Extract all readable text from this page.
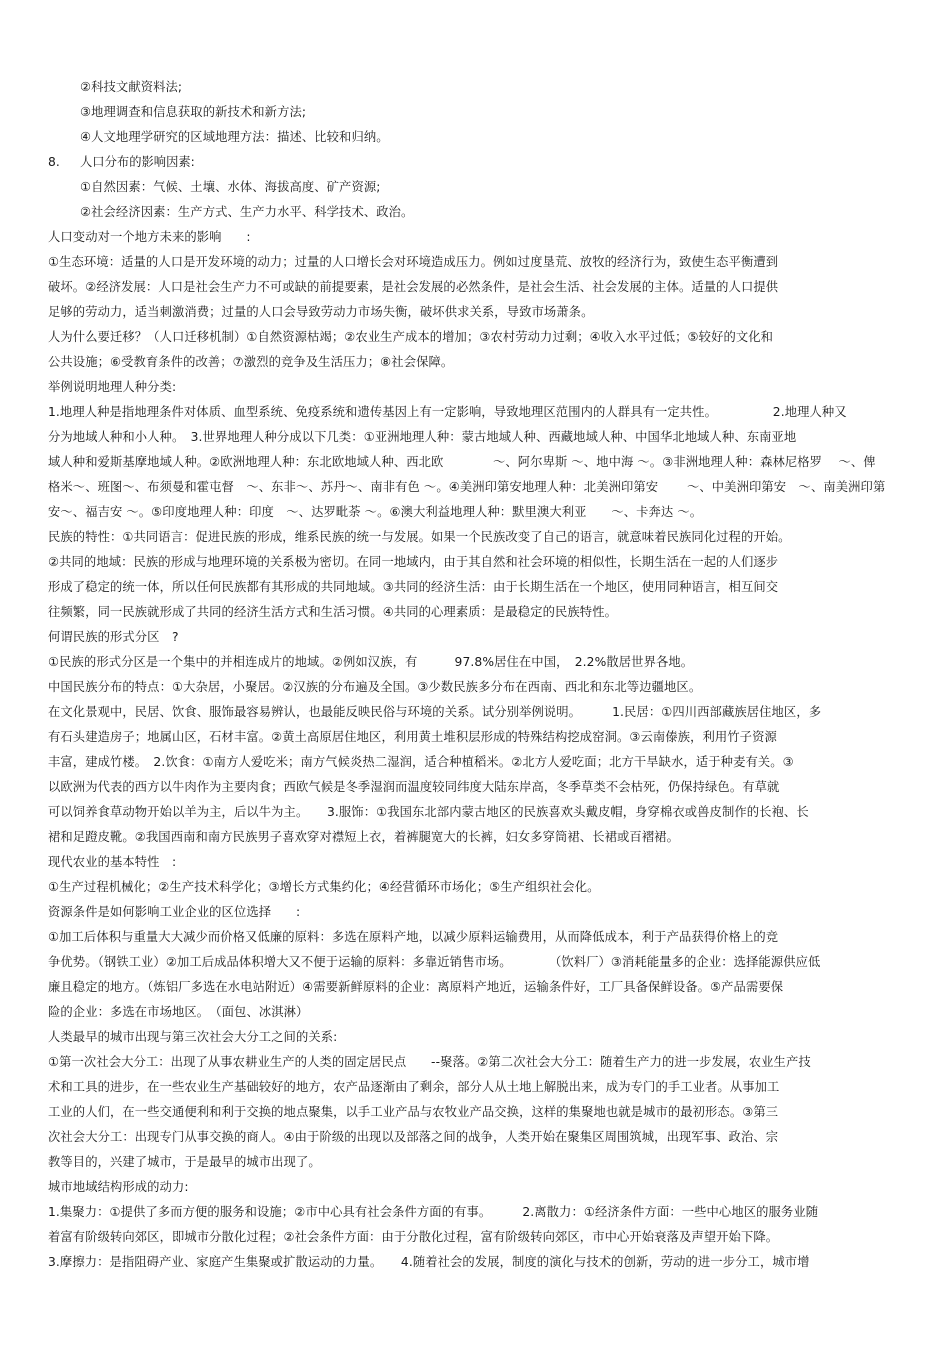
②科技文献资料法;
③地理调查和信息获取的新技术和新方法;
④人文地理学研究的区域地理方法：描述、比较和归纳。
8. 人口分布的影响因素:
①自然因素：气候、土壤、水体、海拔高度、矿产资源;
②社会经济因素：生产方式、生产力水平、科学技术、政治。
人口变动对一个地方未来的影响　　:
①生态环境：适量的人口是开发环境的动力；过量的人口增长会对环境造成压力。例如过度垦荒、放牧的经济行为，致使生态平衡遭到
破坏。②经济发展：人口是社会生产力不可或缺的前提要素，是社会发展的必然条件，是社会生活、社会发展的主体。适量的人口提供
足够的劳动力，适当刺激消费；过量的人口会导致劳动力市场失衡，破坏供求关系，导致市场萧条。
人为什么要迁移？（人口迁移机制）①自然资源枯竭；②农业生产成本的增加；③农村劳动力过剩；④收入水平过低；⑤较好的文化和
公共设施；⑥受教育条件的改善；⑦激烈的竞争及生活压力；⑧社会保障。
举例说明地理人种分类:
1.地理人种是指地理条件对体质、血型系统、免疫系统和遗传基因上有一定影响，导致地理区范围内的人群具有一定共性。　　　　　2.地理人种又
分为地域人种和小人种。　3.世界地理人种分成以下几类：①亚洲地理人种：蒙古地域人种、西藏地域人种、中国华北地域人种、东南亚地
域人种和爱斯基摩地域人种。②欧洲地理人种：东北欧地域人种、西北欧　　　　～、阿尔卑斯 ～、地中海 ～。③非洲地理人种：森林尼格罗　 ～、俾
格米～、班图～、布须曼和霍屯督　～、东非～、苏丹～、南非有色 ～。④美洲印第安地理人种：北美洲印第安　　 ～、中美洲印第安　～、南美洲印第
安～、福吉安 ～。⑤印度地理人种：印度　～、达罗毗荼 ～。⑥澳大利益地理人种：默里澳大利亚　　～、卡奔达 ～。
民族的特性：①共同语言：促进民族的形成，维系民族的统一与发展。如果一个民族改变了自己的语言，就意味着民族同化过程的开始。
②共同的地域：民族的形成与地理环境的关系极为密切。在同一地域内，由于其自然和社会环境的相似性，长期生活在一起的人们逐步
形成了稳定的统一体，所以任何民族都有其形成的共同地域。③共同的经济生活：由于长期生活在一个地区，使用同种语言，相互间交
往频繁，同一民族就形成了共同的经济生活方式和生活习惯。④共同的心理素质：是最稳定的民族特性。
何谓民族的形式分区　?
①民族的形式分区是一个集中的并相连成片的地域。②例如汉族，有　　　97.8%居住在中国，　2.2%散居世界各地。
中国民族分布的特点：①大杂居，小聚居。②汉族的分布遍及全国。③少数民族多分布在西南、西北和东北等边疆地区。
在文化景观中，民居、饮食、服饰最容易辨认，也最能反映民俗与环境的关系。试分别举例说明。　　　1.民居：①四川西部藏族居住地区，多
有石头建造房子；地属山区，石材丰富。②黄土高原居住地区，利用黄土堆积层形成的特殊结构挖成窑洞。③云南傣族，利用竹子资源
丰富，建成竹楼。　2.饮食：①南方人爱吃米；南方气候炎热二湿润，适合种植稻米。②北方人爱吃面；北方干旱缺水，适于种麦有关。③
以欧洲为代表的西方以牛肉作为主要肉食；西欧气候是冬季湿润而温度较同纬度大陆东岸高，冬季草类不会枯死，仍保持绿色。有草就
可以饲养食草动物开始以羊为主，后以牛为主。　　3.服饰：①我国东北部内蒙古地区的民族喜欢头戴皮帽，身穿棉衣或兽皮制作的长袍、长
裙和足蹬皮靴。②我国西南和南方民族男子喜欢穿对襟短上衣，着裤腿宽大的长裤，妇女多穿筒裙、长裙或百褶裙。
现代农业的基本特性　:
①生产过程机械化；②生产技术科学化；③增长方式集约化；④经营循环市场化；⑤生产组织社会化。
资源条件是如何影响工业企业的区位选择　　:
①加工后体积与重量大大减少而价格又低廉的原料：多选在原料产地，以减少原料运输费用，从而降低成本，利于产品获得价格上的竞
争优势。（钢铁工业）②加工后成品体积增大又不便于运输的原料：多靠近销售市场。　　　　（饮料厂）③消耗能量多的企业：选择能源供应低
廉且稳定的地方。（炼铝厂多选在水电站附近）④需要新鲜原料的企业：离原料产地近，运输条件好，工厂具备保鲜设备。⑤产品需要保
险的企业：多选在市场地区。　（面包、冰淇淋）
人类最早的城市出现与第三次社会大分工之间的关系:
①第一次社会大分工：出现了从事农耕业生产的人类的固定居民点　　--聚落。②第二次社会大分工：随着生产力的进一步发展，农业生产技
术和工具的进步，在一些农业生产基础较好的地方，农产品逐渐由了剩余，部分人从土地上解脱出来，成为专门的手工业者。从事加工
工业的人们，在一些交通便利和利于交换的地点聚集，以手工业产品与农牧业产品交换，这样的集聚地也就是城市的最初形态。③第三
次社会大分工：出现专门从事交换的商人。④由于阶级的出现以及部落之间的战争，人类开始在聚集区周围筑城，出现军事、政治、宗
教等目的，兴建了城市，于是最早的城市出现了。
城市地域结构形成的动力:
1.集聚力：①提供了多而方便的服务和设施；②市中心具有社会条件方面的有事。　　　2.离散力：①经济条件方面：一些中心地区的服务业随
着富有阶级转向郊区，即城市分散化过程；②社会条件方面：由于分散化过程，富有阶级转向郊区，市中心开始衰落及声望开始下降。
3.摩擦力：是指阻碍产业、家庭产生集聚或扩散运动的力量。　　4.随着社会的发展，制度的演化与技术的创新，劳动的进一步分工，城市增
